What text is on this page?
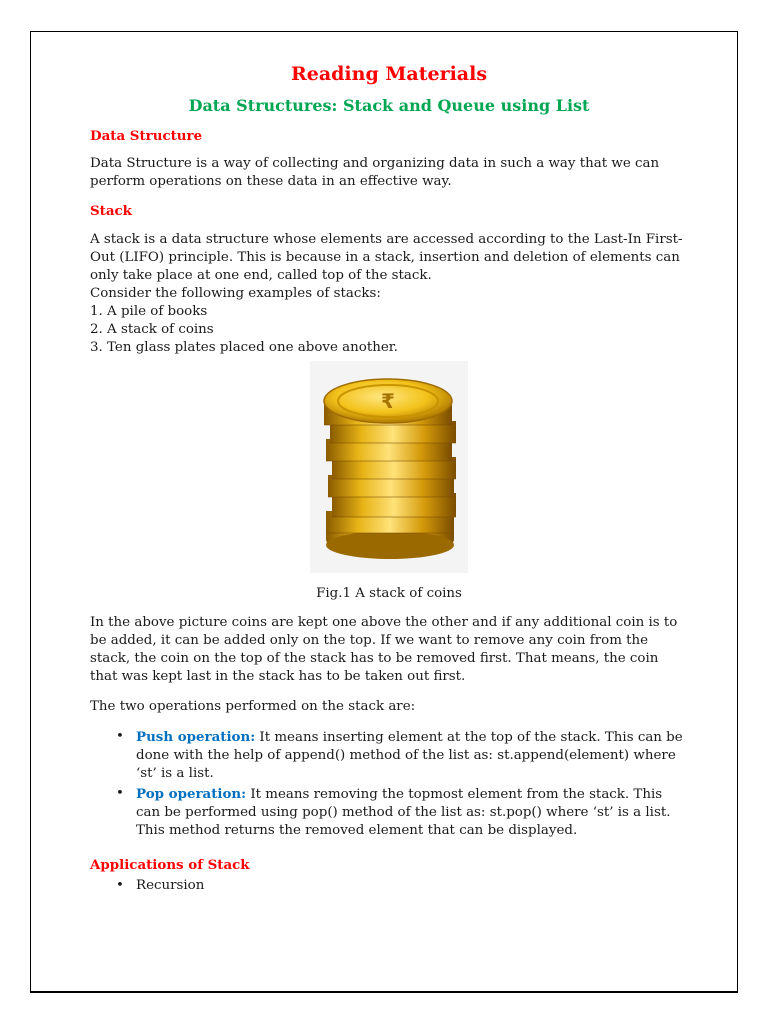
Reading Materials
Data Structures: Stack and Queue using List
Data Structure

Data Structure is a way of collecting and organizing data in such a way that we can perform operations on these data in an effective way.

Stack

A stack is a data structure whose elements are accessed according to the Last-In First-Out (LIFO) principle. This is because in a stack, insertion and deletion of elements can only take place at one end, called top of the stack.

Consider the following examples of stacks:

1. A pile of books

2. A stack of coins

3. Ten glass plates placed one above another.

₹

Fig.1 A stack of coins

In the above picture coins are kept one above the other and if any additional coin is to be added, it can be added only on the top. If we want to remove any coin from the stack, the coin on the top of the stack has to be removed first. That means, the coin that was kept last in the stack has to be taken out first.

The two operations performed on the stack are:

• Push operation: It means inserting element at the top of the stack. This can be done with the help of append() method of the list as: st.append(element) where ‘st’ is a list.
• Pop operation: It means removing the topmost element from the stack. This can be performed using pop() method of the list as: st.pop() where ‘st’ is a list. This method returns the removed element that can be displayed.
Applications of Stack
• Recursion
